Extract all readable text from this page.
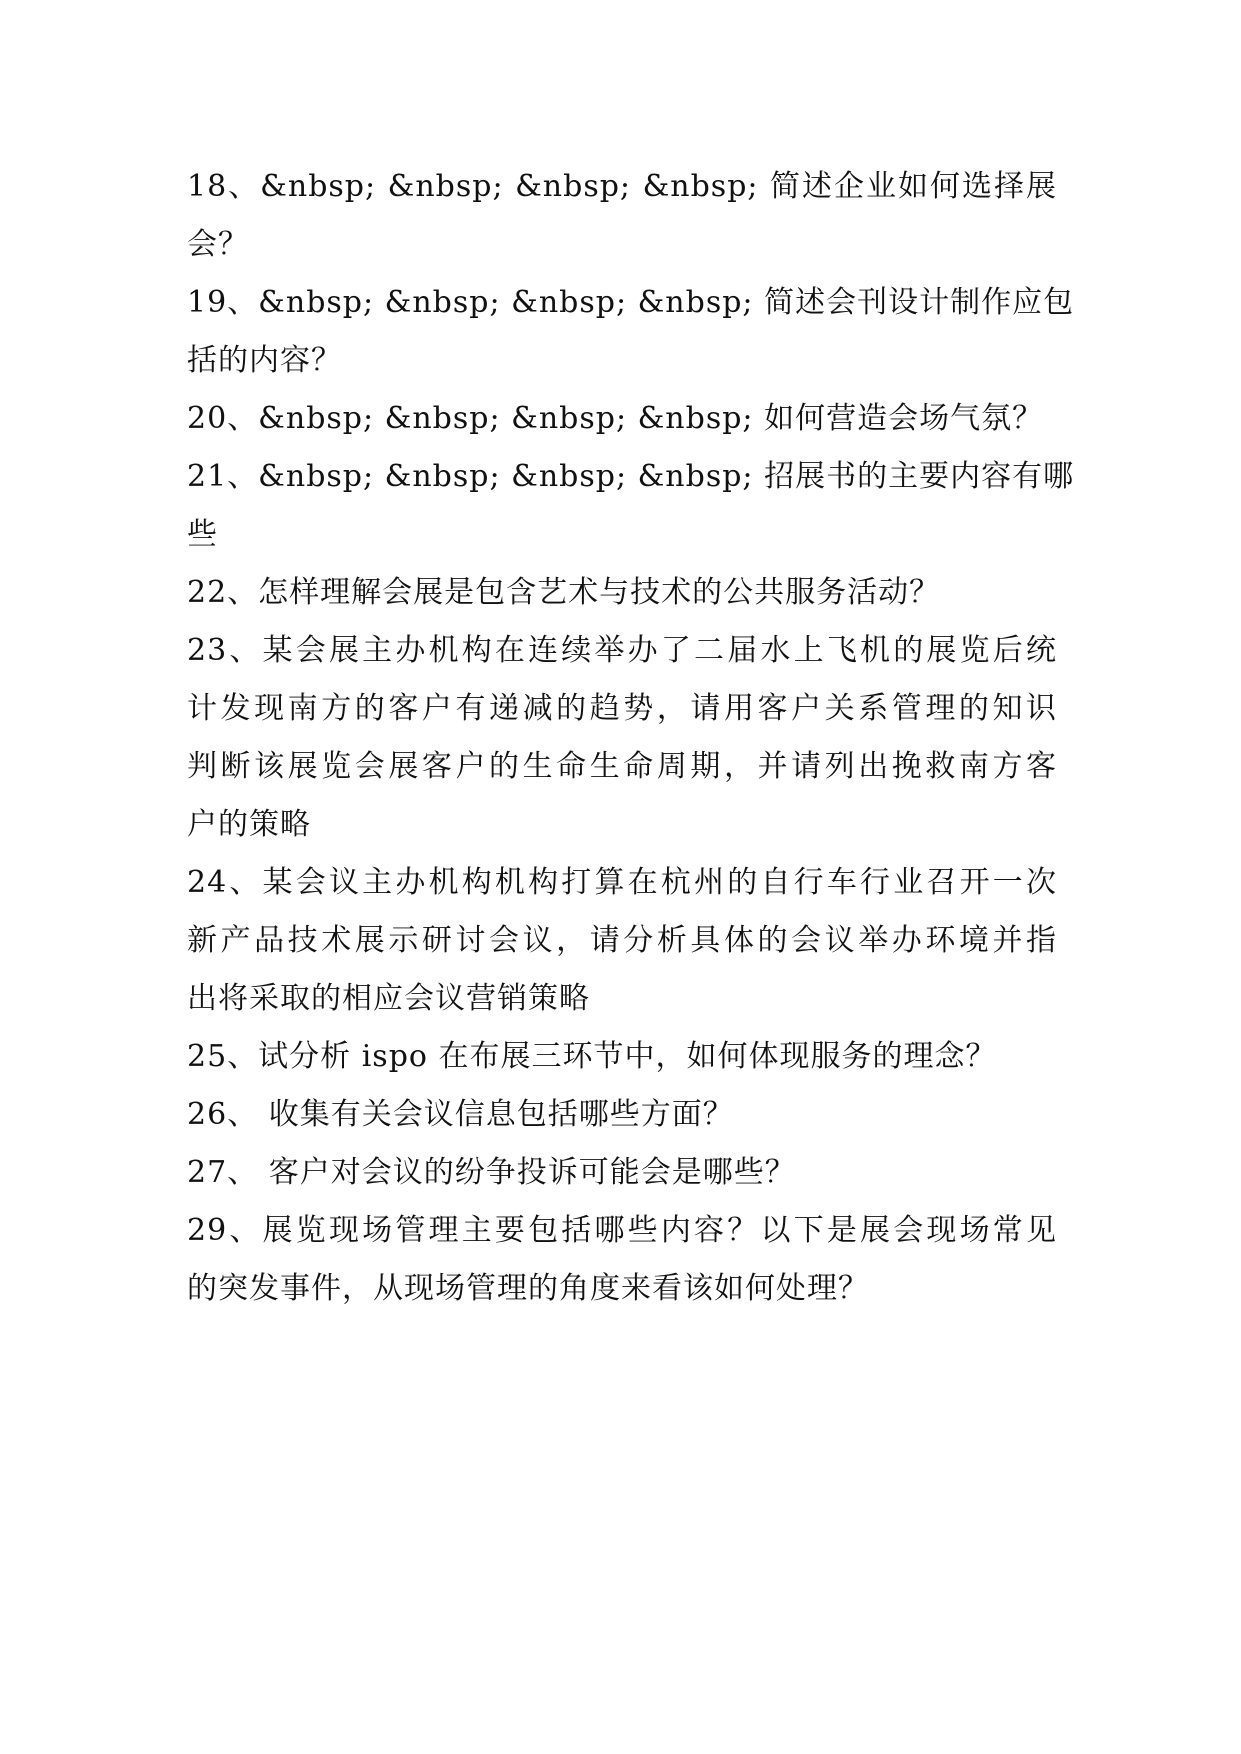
18、&nbsp; &nbsp; &nbsp; &nbsp; 简述企业如何选择展
会？
19、&nbsp; &nbsp; &nbsp; &nbsp; 简述会刊设计制作应包
括的内容？
20、&nbsp; &nbsp; &nbsp; &nbsp; 如何营造会场气氛？
21、&nbsp; &nbsp; &nbsp; &nbsp; 招展书的主要内容有哪
些
22、怎样理解会展是包含艺术与技术的公共服务活动？
23、某会展主办机构在连续举办了二届水上飞机的展览后统
计发现南方的客户有递减的趋势，请用客户关系管理的知识
判断该展览会展客户的生命生命周期，并请列出挽救南方客
户的策略
24、某会议主办机构机构打算在杭州的自行车行业召开一次
新产品技术展示研讨会议，请分析具体的会议举办环境并指
出将采取的相应会议营销策略
25、试分析 ispo 在布展三环节中，如何体现服务的理念？
26、 收集有关会议信息包括哪些方面？
27、 客户对会议的纷争投诉可能会是哪些？
29、展览现场管理主要包括哪些内容？以下是展会现场常见
的突发事件，从现场管理的角度来看该如何处理？
